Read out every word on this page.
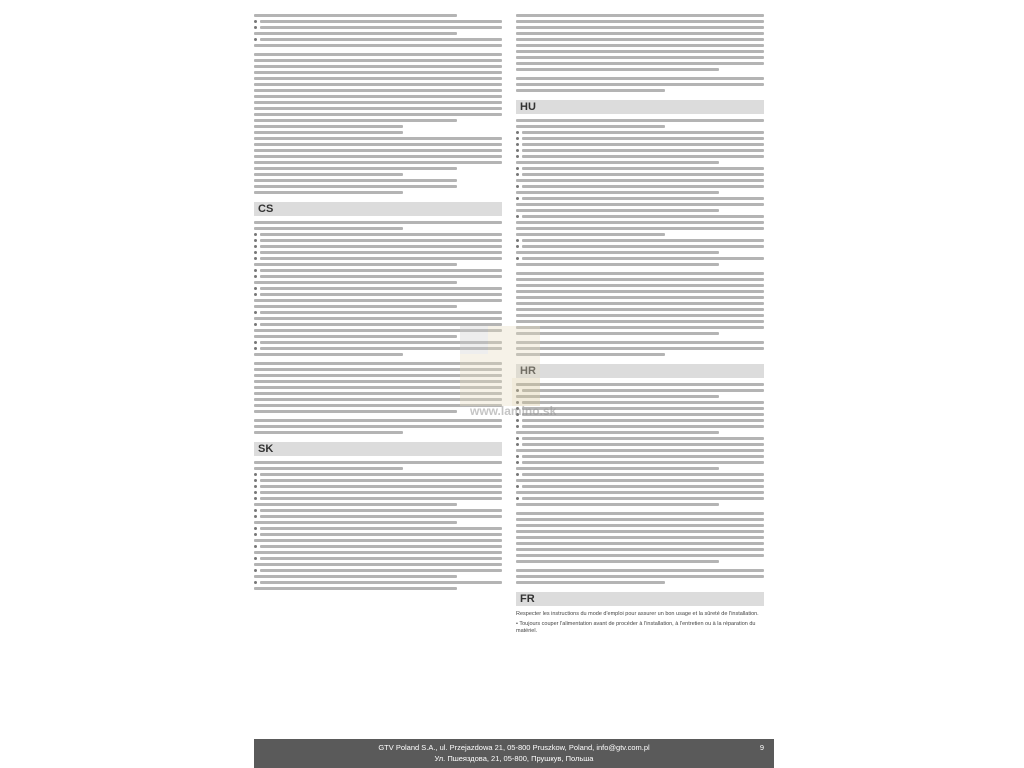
CS
SK
HU
HR
FR
Respecter les instructions du mode d'emploi pour assurer un bon usage et la sûreté de l'installation.
• Toujours couper l'alimentation avant de procéder à l'installation, à l'entretien ou à la réparation du matériel.
www.lamino.sk
GTV Poland S.A., ul. Przejazdowa 21, 05-800 Pruszkow, Poland, info@gtv.com.pl
Ул. Пшеяздова, 21, 05-800, Прушкув, Польша
9
